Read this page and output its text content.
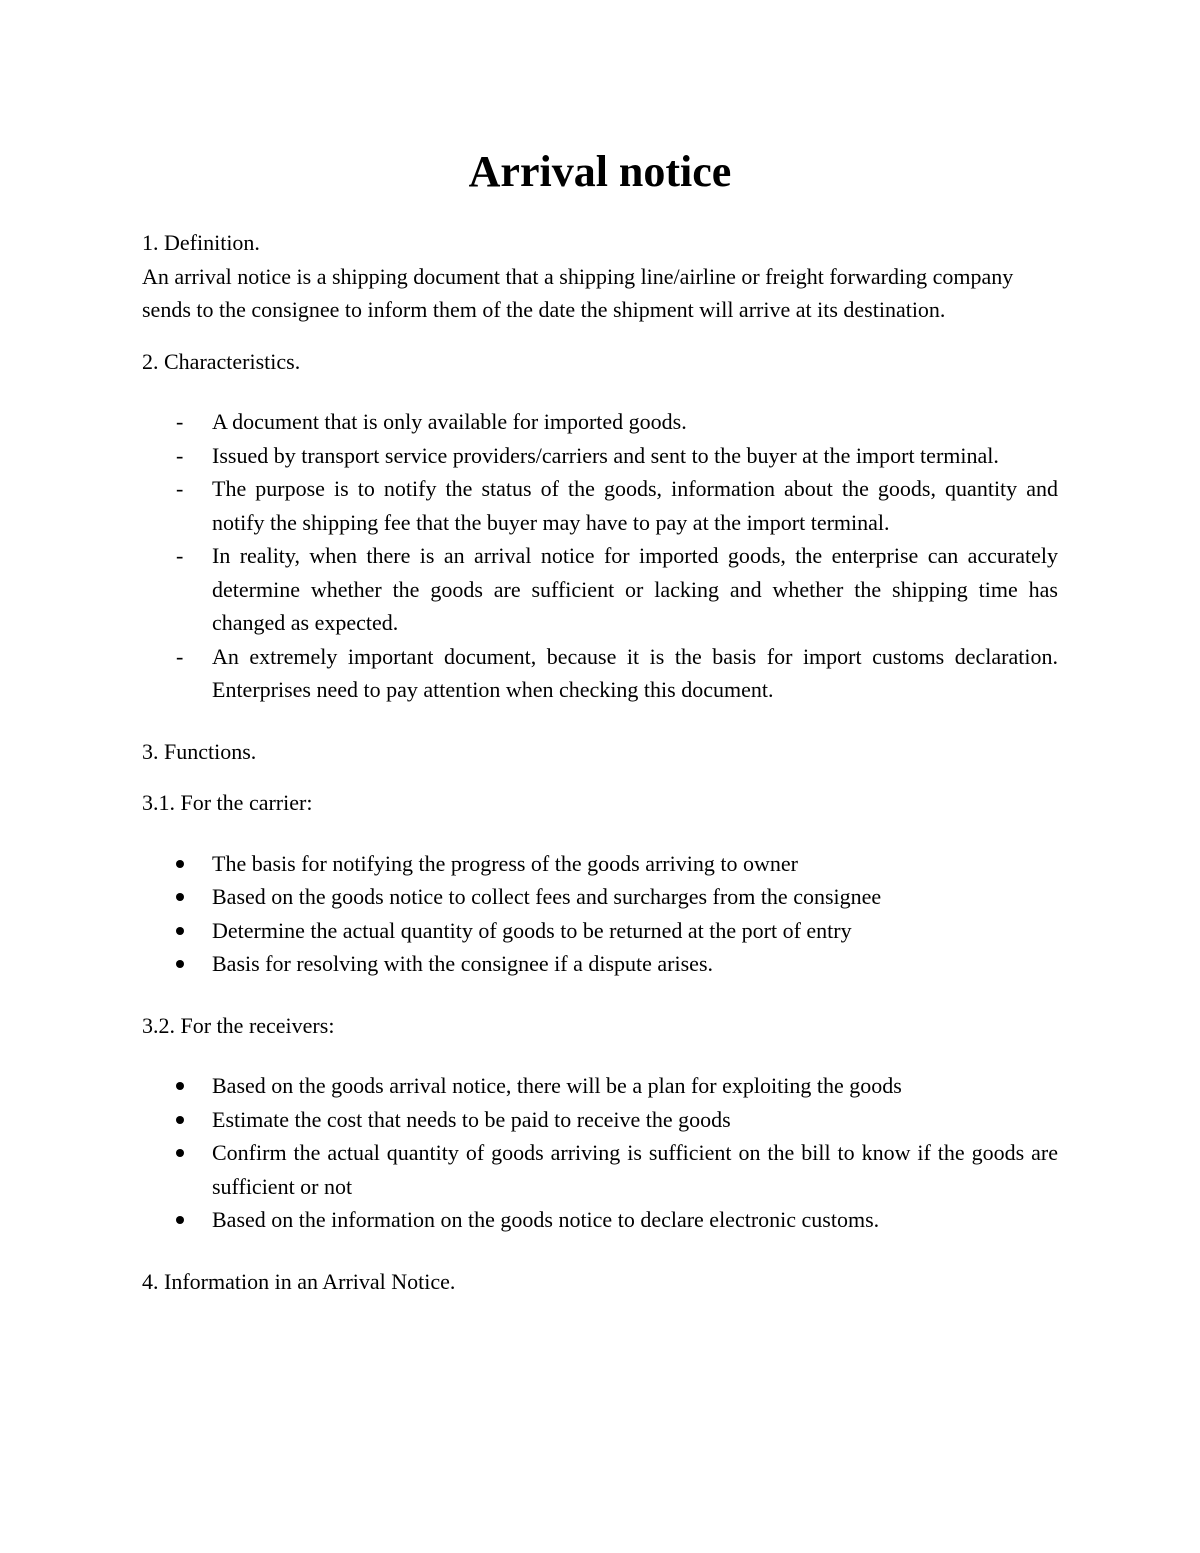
Arrival notice

1. Definition.

An arrival notice is a shipping document that a shipping line/airline or freight forwarding company sends to the consignee to inform them of the date the shipment will arrive at its destination.

2. Characteristics.

- A document that is only available for imported goods.
- Issued by transport service providers/carriers and sent to the buyer at the import terminal.
- The purpose is to notify the status of the goods, information about the goods, quantity and notify the shipping fee that the buyer may have to pay at the import terminal.
- In reality, when there is an arrival notice for imported goods, the enterprise can accurately determine whether the goods are sufficient or lacking and whether the shipping time has changed as expected.
- An extremely important document, because it is the basis for import customs declaration. Enterprises need to pay attention when checking this document.

3. Functions.

3.1. For the carrier:

The basis for notifying the progress of the goods arriving to owner
Based on the goods notice to collect fees and surcharges from the consignee
Determine the actual quantity of goods to be returned at the port of entry
Basis for resolving with the consignee if a dispute arises.

3.2. For the receivers:

Based on the goods arrival notice, there will be a plan for exploiting the goods
Estimate the cost that needs to be paid to receive the goods
Confirm the actual quantity of goods arriving is sufficient on the bill to know if the goods are sufficient or not
Based on the information on the goods notice to declare electronic customs.

4. Information in an Arrival Notice.
